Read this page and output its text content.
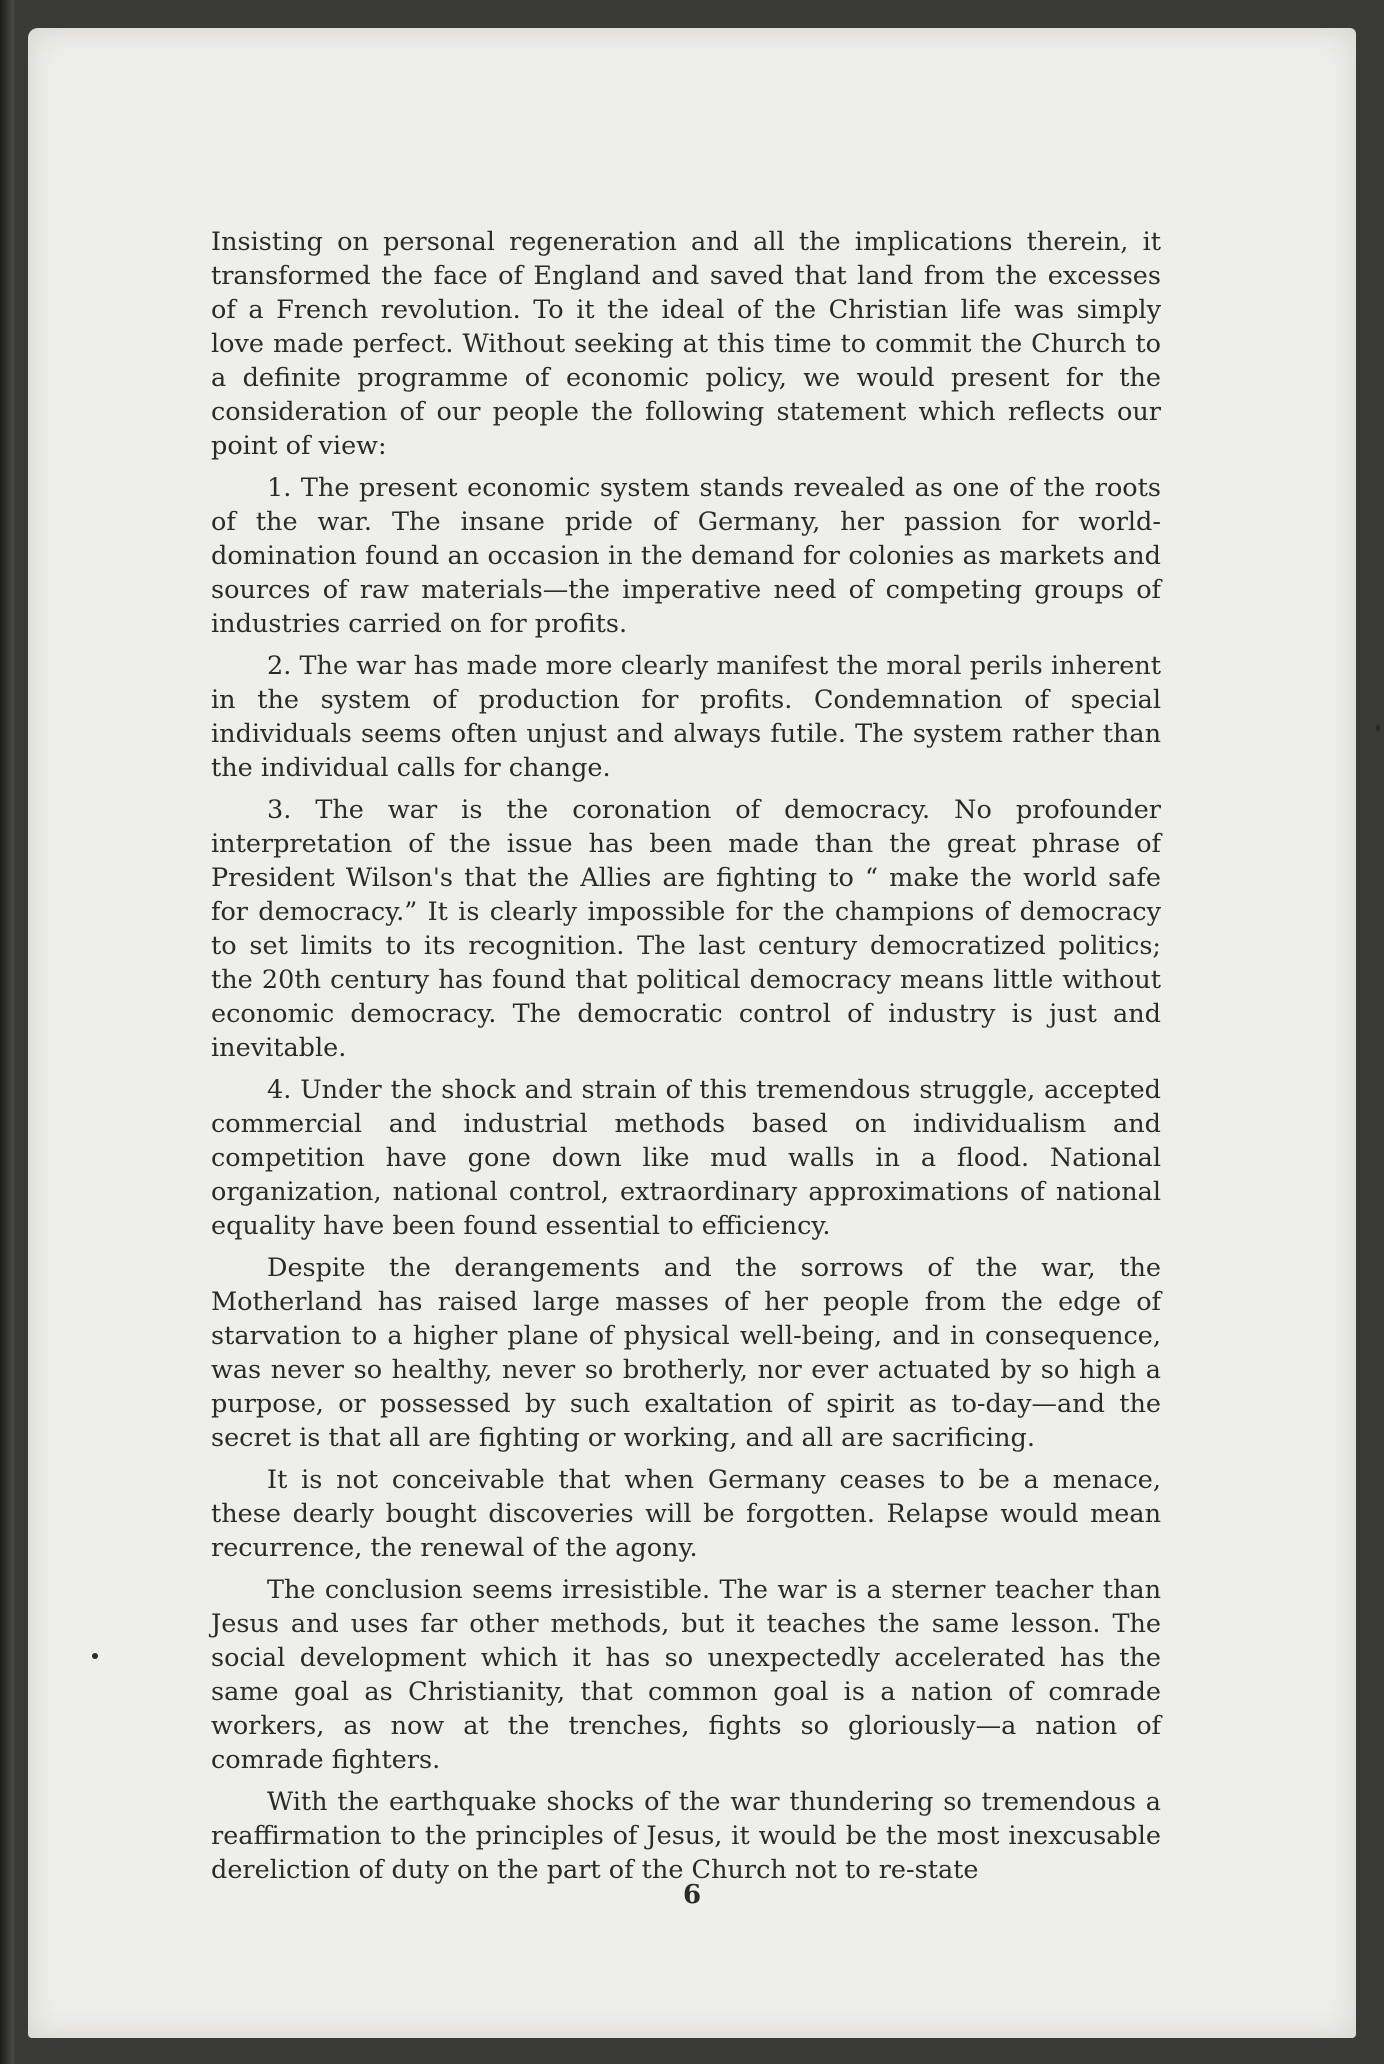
Insisting on personal regeneration and all the implications therein, it transformed the face of England and saved that land from the excesses of a French revolution. To it the ideal of the Christian life was simply love made perfect. Without seeking at this time to commit the Church to a definite programme of economic policy, we would present for the consideration of our people the following statement which reflects our point of view:

1. The present economic system stands revealed as one of the roots of the war. The insane pride of Germany, her passion for world-domination found an occasion in the demand for colonies as markets and sources of raw materials—the imperative need of competing groups of industries carried on for profits.

2. The war has made more clearly manifest the moral perils inherent in the system of production for profits. Condemnation of special individuals seems often unjust and always futile. The system rather than the individual calls for change.

3. The war is the coronation of democracy. No profounder interpretation of the issue has been made than the great phrase of President Wilson's that the Allies are fighting to “ make the world safe for democracy.” It is clearly impossible for the champions of democracy to set limits to its recognition. The last century democratized politics; the 20th century has found that political democracy means little without economic democracy. The democratic control of industry is just and inevitable.

4. Under the shock and strain of this tremendous struggle, accepted commercial and industrial methods based on individualism and competition have gone down like mud walls in a flood. National organization, national control, extraordinary approximations of national equality have been found essential to efficiency.

Despite the derangements and the sorrows of the war, the Motherland has raised large masses of her people from the edge of starvation to a higher plane of physical well-being, and in consequence, was never so healthy, never so brotherly, nor ever actuated by so high a purpose, or possessed by such exaltation of spirit as to-day—and the secret is that all are fighting or working, and all are sacrificing.

It is not conceivable that when Germany ceases to be a menace, these dearly bought discoveries will be forgotten. Relapse would mean recurrence, the renewal of the agony.

The conclusion seems irresistible. The war is a sterner teacher than Jesus and uses far other methods, but it teaches the same lesson. The social development which it has so unexpectedly accelerated has the same goal as Christianity, that common goal is a nation of comrade workers, as now at the trenches, fights so gloriously—a nation of comrade fighters.

With the earthquake shocks of the war thundering so tremendous a reaffirmation to the principles of Jesus, it would be the most inexcusable dereliction of duty on the part of the Church not to re-state

6
